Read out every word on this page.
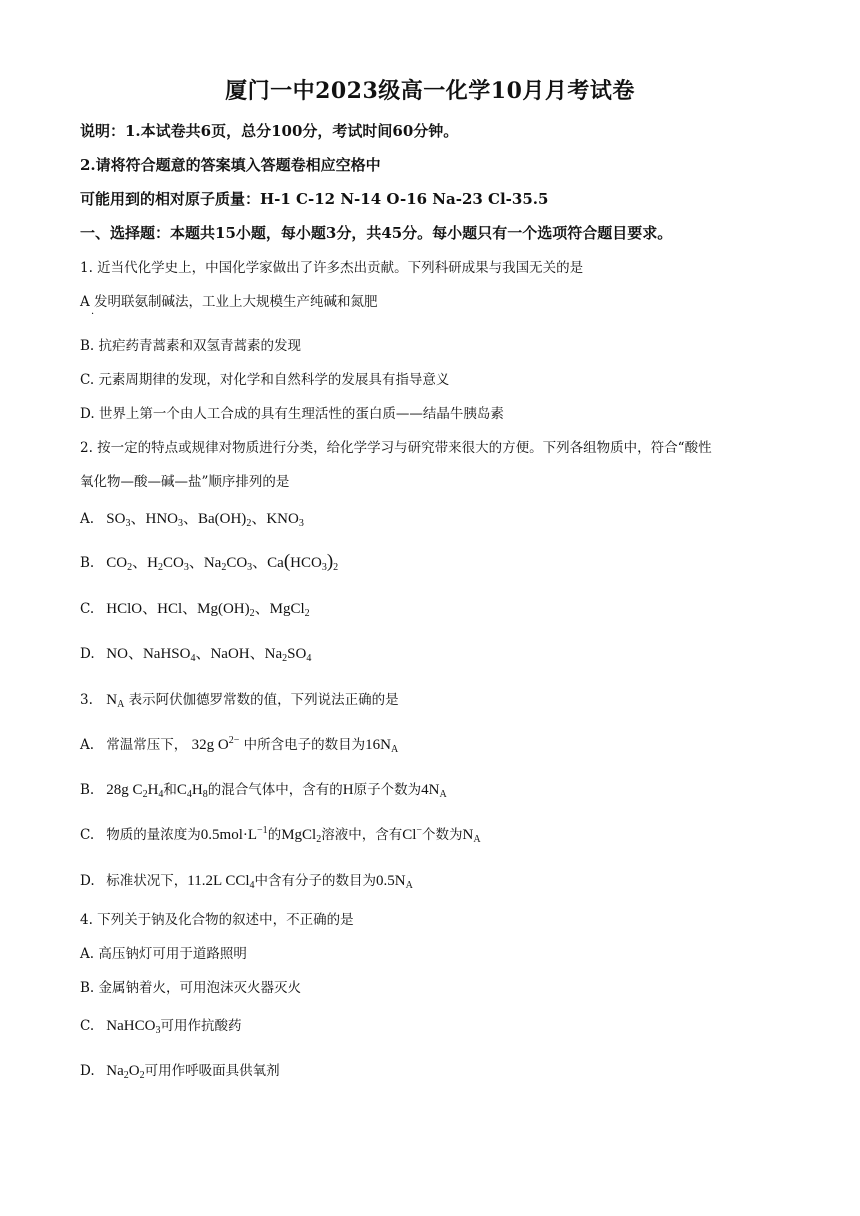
厦门一中2023级高一化学10月月考试卷
说明：1.本试卷共6页，总分100分，考试时间60分钟。
2.请将符合题意的答案填入答题卷相应空格中
可能用到的相对原子质量：H-1 C-12 N-14 O-16 Na-23 Cl-35.5
一、选择题：本题共15小题，每小题3分，共45分。每小题只有一个选项符合题目要求。
1. 近当代化学史上，中国化学家做出了许多杰出贡献。下列科研成果与我国无关的是
A 发明联氨制碱法，工业上大规模生产纯碱和氮肥
·
B. 抗疟药青蒿素和双氢青蒿素的发现
C. 元素周期律的发现，对化学和自然科学的发展具有指导意义
D. 世界上第一个由人工合成的具有生理活性的蛋白质——结晶牛胰岛素
2. 按一定的特点或规律对物质进行分类，给化学学习与研究带来很大的方便。下列各组物质中，符合“酸性
氧化物—酸—碱—盐”顺序排列的是
A. $SO_3$、$HNO_3$、$Ba(OH)_2$、$KNO_3$
B. $CO_2$、$H_2CO_3$、$Na_2CO_3$、$Ca(HCO_3)_2$
C. HClO、HCl、$Mg(OH)_2$、MgCl$_2$
D. NO、NaHSO$_4$、NaOH、$Na_2SO_4$
3. $N_A$ 表示阿伏伽德罗常数的值，下列说法正确的是
A. 常温常压下， 32g $O^{2-}$ 中所含电子的数目为$16N_A$
B. 28g $C_2H_4$和$C_4H_8$的混合气体中，含有的H原子个数为$4N_A$
C. 物质的量浓度为$0.5mol\cdot L^{-1}$的MgCl$_2$溶液中，含有Cl−个数为$N_A$
D. 标准状况下，11.2L CCl$_4$中含有分子的数目为$0.5N_A$
4. 下列关于钠及化合物的叙述中，不正确的是
A. 高压钠灯可用于道路照明
B. 金属钠着火，可用泡沫灭火器灭火
C. NaHCO$_3$可用作抗酸药
D. $Na_2O_2$可用作呼吸面具供氧剂
